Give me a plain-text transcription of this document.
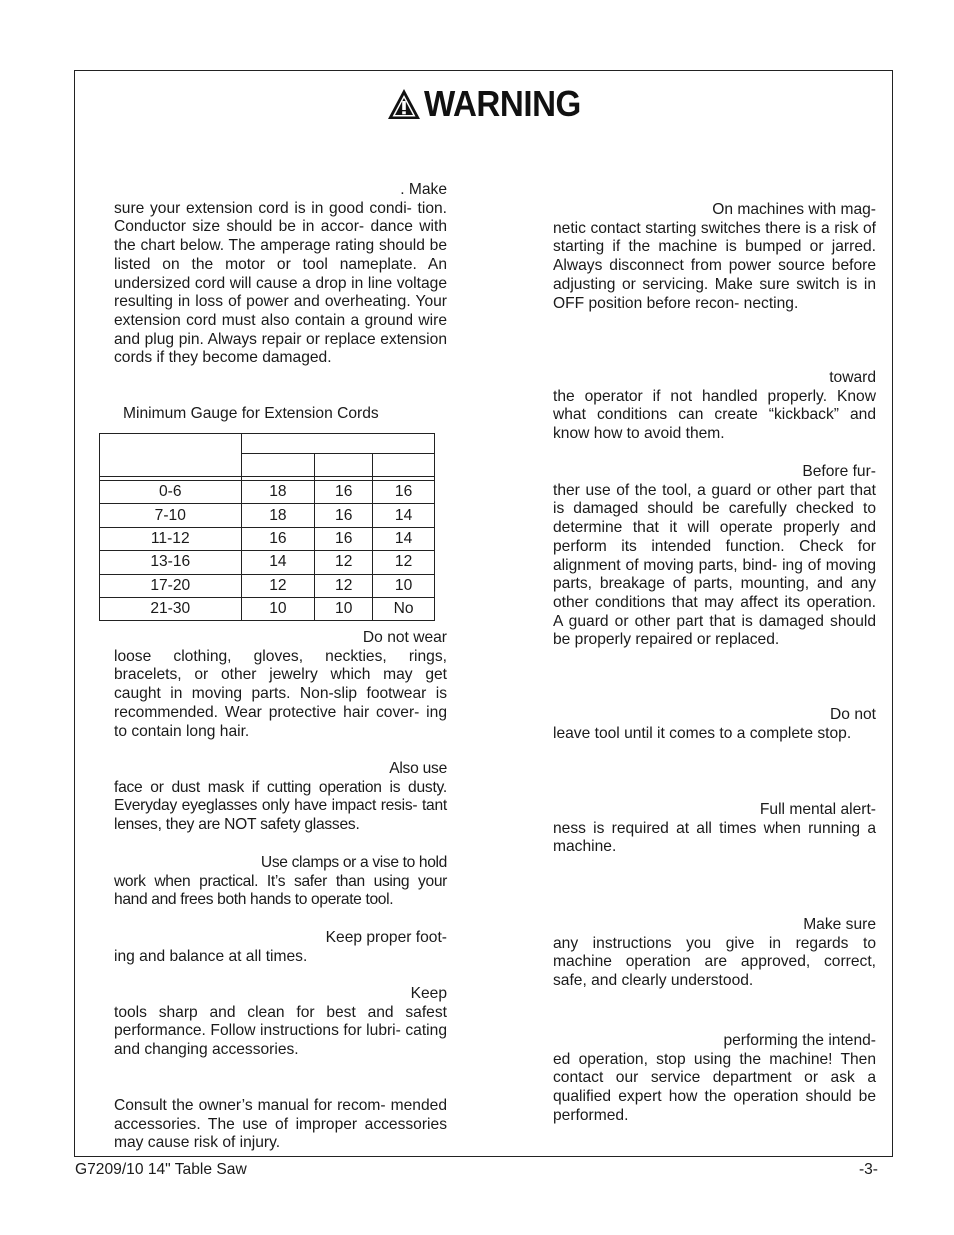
WARNING
. Make
sure your extension cord is in good condi- tion. Conductor size should be in accor- dance with the chart below. The amperage rating should be listed on the motor or tool nameplate. An undersized cord will cause a drop in line voltage resulting in loss of power and overheating. Your extension cord must also contain a ground wire and plug pin. Always repair or replace extension cords if they become damaged.
Minimum Gauge for Extension Cords

0-6	18	16	16
7-10	18	16	14
11-12	16	16	14
13-16	14	12	12
17-20	12	12	10
21-30	10	10	No
Do not wear
loose clothing, gloves, neckties, rings, bracelets, or other jewelry which may get caught in moving parts. Non-slip footwear is recommended. Wear protective hair cover- ing to contain long hair.
Also use
face or dust mask if cutting operation is dusty. Everyday eyeglasses only have impact resis- tant lenses, they are NOT safety glasses.
Use clamps or a vise to hold
work when practical. It’s safer than using your hand and frees both hands to operate tool.
Keep proper foot-
ing and balance at all times.
Keep
tools sharp and clean for best and safest performance. Follow instructions for lubri- cating and changing accessories.
Consult the owner’s manual for recom- mended accessories. The use of improper accessories may cause risk of injury.
On machines with mag-
netic contact starting switches there is a risk of starting if the machine is bumped or jarred. Always disconnect from power source before adjusting or servicing. Make sure switch is in OFF position before recon- necting.
toward
the operator if not handled properly. Know what conditions can create “kickback” and know how to avoid them.
Before fur-
ther use of the tool, a guard or other part that is damaged should be carefully checked to determine that it will operate properly and perform its intended function. Check for alignment of moving parts, bind- ing of moving parts, breakage of parts, mounting, and any other conditions that may affect its operation. A guard or other part that is damaged should be properly repaired or replaced.
Do not
leave tool until it comes to a complete stop.
Full mental alert-
ness is required at all times when running a machine.
Make sure
any instructions you give in regards to machine operation are approved, correct, safe, and clearly understood.
performing the intend-
ed operation, stop using the machine! Then contact our service department or ask a qualified expert how the operation should be performed.
G7209/10 14" Table Saw	-3-
